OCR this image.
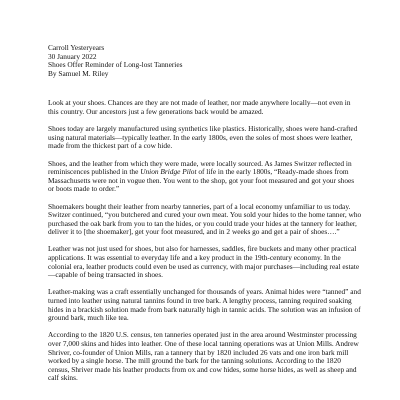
Carroll Yesteryears
30 January 2022
Shoes Offer Reminder of Long-lost Tanneries
By Samuel M. Riley

Look at your shoes. Chances are they are not made of leather, nor made anywhere locally—not even in this country. Our ancestors just a few generations back would be amazed.

Shoes today are largely manufactured using synthetics like plastics. Historically, shoes were hand-crafted using natural materials—typically leather. In the early 1800s, even the soles of most shoes were leather, made from the thickest part of a cow hide.

Shoes, and the leather from which they were made, were locally sourced. As James Switzer reflected in reminiscences published in the Union Bridge Pilot of life in the early 1800s, “Ready-made shoes from Massachusetts were not in vogue then. You went to the shop, got your foot measured and got your shoes or boots made to order.”

Shoemakers bought their leather from nearby tanneries, part of a local economy unfamiliar to us today. Switzer continued, “you butchered and cured your own meat. You sold your hides to the home tanner, who purchased the oak bark from you to tan the hides, or you could trade your hides at the tannery for leather, deliver it to [the shoemaker], get your foot measured, and in 2 weeks go and get a pair of shoes….”

Leather was not just used for shoes, but also for harnesses, saddles, fire buckets and many other practical applications. It was essential to everyday life and a key product in the 19th-century economy. In the colonial era, leather products could even be used as currency, with major purchases—including real estate—capable of being transacted in shoes.

Leather-making was a craft essentially unchanged for thousands of years. Animal hides were “tanned” and turned into leather using natural tannins found in tree bark. A lengthy process, tanning required soaking hides in a brackish solution made from bark naturally high in tannic acids. The solution was an infusion of ground bark, much like tea.

According to the 1820 U.S. census, ten tanneries operated just in the area around Westminster processing over 7,000 skins and hides into leather. One of these local tanning operations was at Union Mills. Andrew Shriver, co-founder of Union Mills, ran a tannery that by 1820 included 26 vats and one iron bark mill worked by a single horse. The mill ground the bark for the tanning solutions. According to the 1820 census, Shriver made his leather products from ox and cow hides, some horse hides, as well as sheep and calf skins.
